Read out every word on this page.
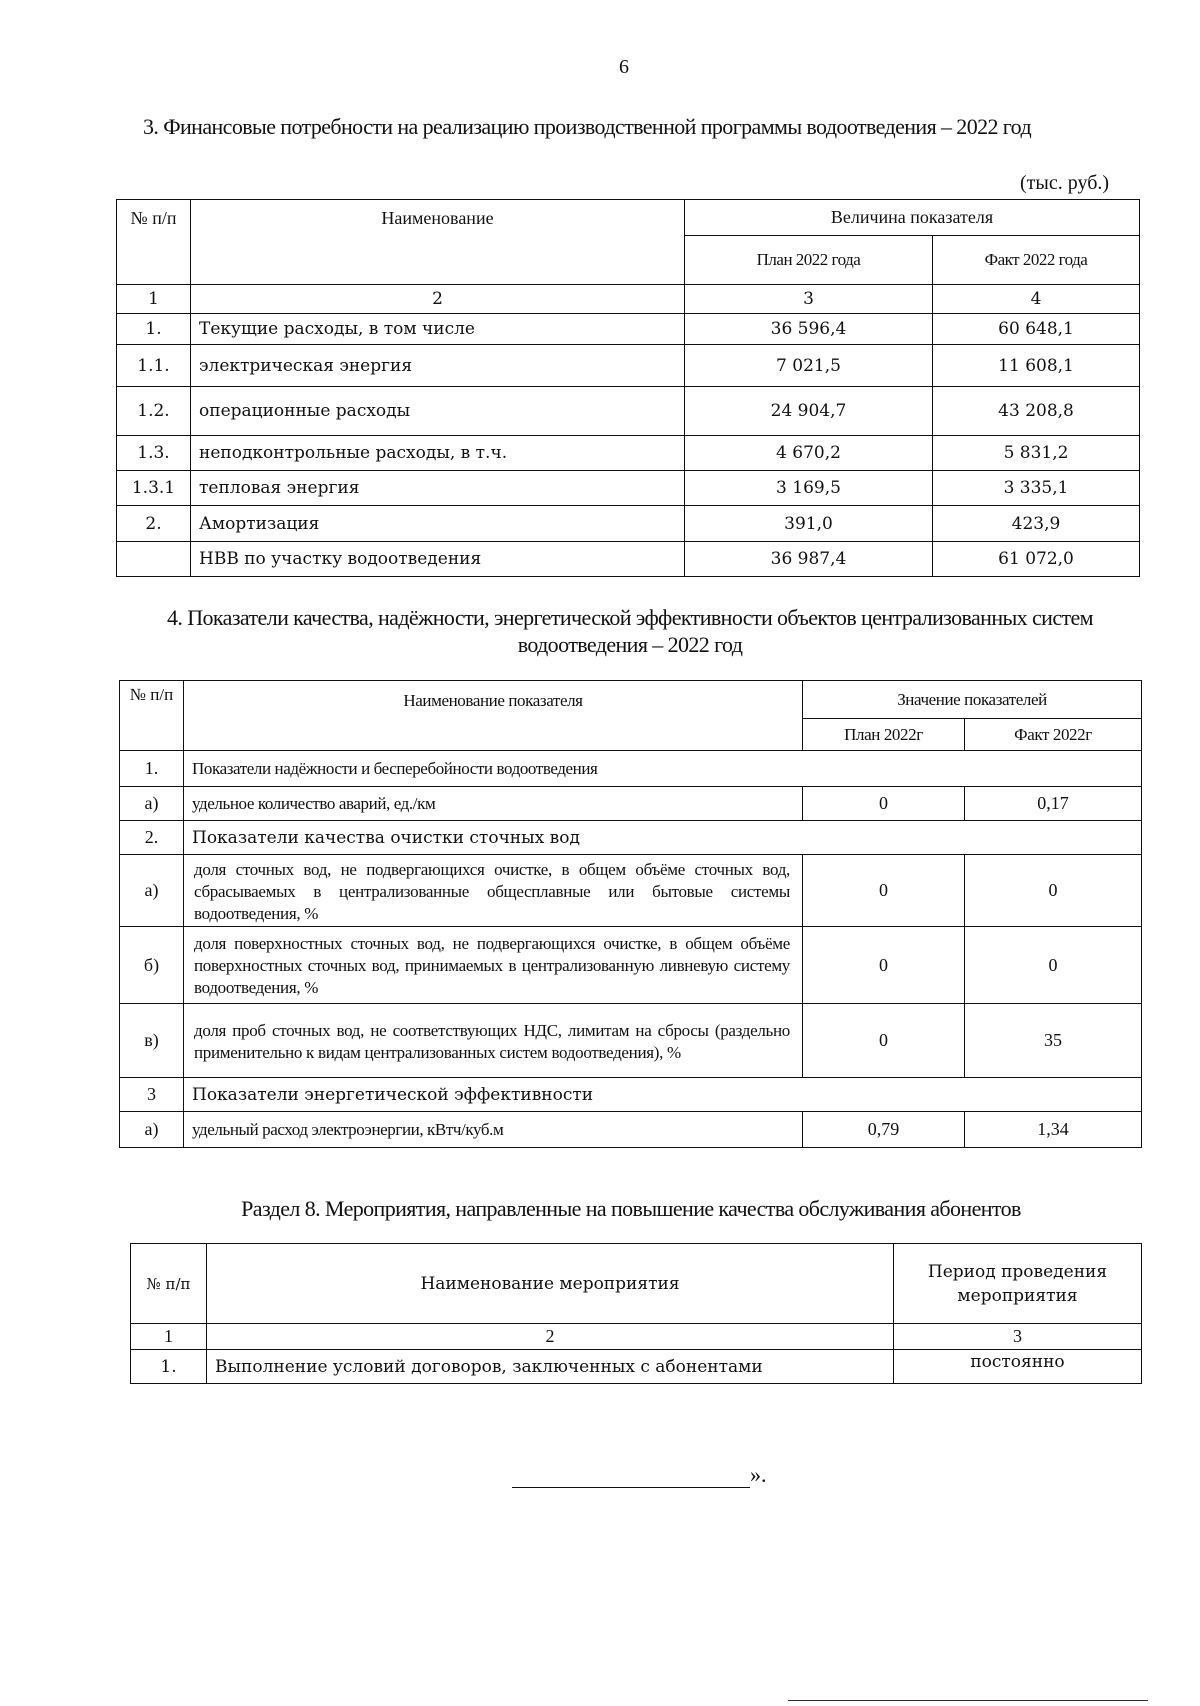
6
3. Финансовые потребности на реализацию производственной программы водоотведения – 2022 год
(тыс. руб.)
№ п/п	Наименование	Величина показателя	
		План 2022 года	Факт 2022 года
1	2	3	4
1.	Текущие расходы, в том числе	36 596,4	60 648,1
1.1.	электрическая энергия	7 021,5	11 608,1
1.2.	операционные расходы	24 904,7	43 208,8
1.3.	неподконтрольные расходы, в т.ч.	4 670,2	5 831,2
1.3.1	тепловая энергия	3 169,5	3 335,1
2.	Амортизация	391,0	423,9
	НВВ по участку водоотведения	36 987,4	61 072,0
4. Показатели качества, надёжности, энергетической эффективности объектов централизованных систем водоотведения – 2022 год
№ п/п	Наименование показателя	Значение показателей	
		План 2022г	Факт 2022г
1.	Показатели надёжности и бесперебойности водоотведения		
а)	удельное количество аварий, ед./км	0	0,17
2.	Показатели качества очистки сточных вод		
а)	доля сточных вод, не подвергающихся очистке, в общем объёме сточных вод, сбрасываемых в централизованные общесплавные или бытовые системы водоотведения, %	0	0
б)	доля поверхностных сточных вод, не подвергающихся очистке, в общем объёме поверхностных сточных вод, принимаемых в централизованную ливневую систему водоотведения, %	0	0
в)	доля проб сточных вод, не соответствующих НДС, лимитам на сбросы (раздельно применительно к видам централизованных систем водоотведения), %	0	35
3	Показатели энергетической эффективности		
а)	удельный расход электроэнергии, кВтч/куб.м	0,79	1,34
Раздел 8. Мероприятия, направленные на повышение качества обслуживания абонентов
№ п/п	Наименование мероприятия	Период проведения мероприятия
1	2	3
1.	Выполнение условий договоров, заключенных с абонентами	постоянно
».
